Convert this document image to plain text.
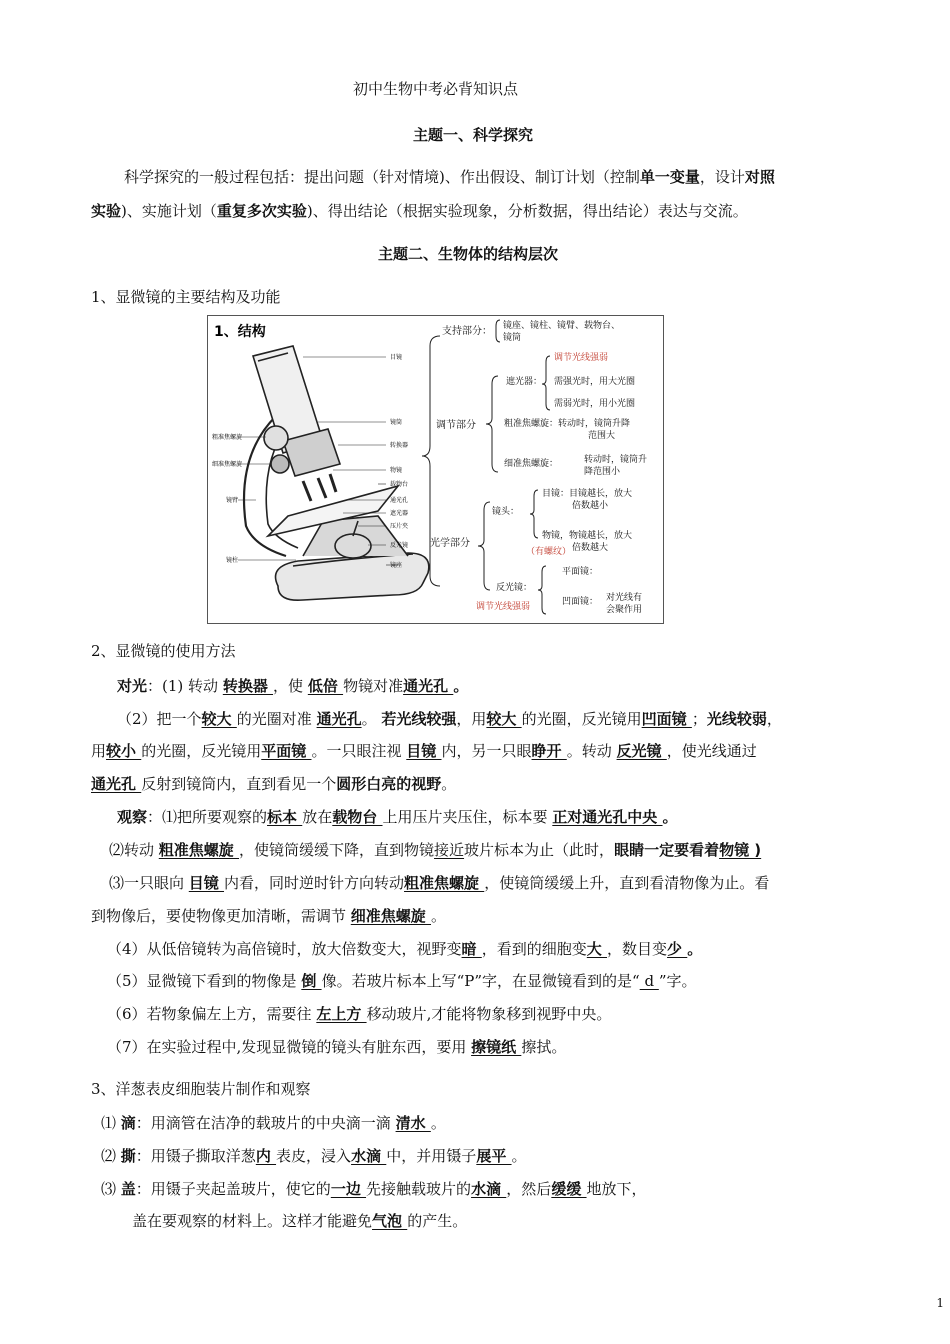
初中生物中考必背知识点
主题一、科学探究
科学探究的一般过程包括：提出问题（针对情境)、作出假设、制订计划（控制单一变量，设计对照
实验)、实施计划（重复多次实验)、得出结论（根据实验现象，分析数据，得出结论）表达与交流。
主题二、生物体的结构层次
1、显微镜的主要结构及功能
1、结构
粗准焦螺旋
细准焦螺旋
镜臂
镜柱
目镜
镜筒
转换器
物镜
载物台
通光孔
遮光器
压片夹
反光镜
镜座
支持部分： 镜座、镜柱、镜臂、载物台、
镜筒
调节部分
遮光器：
调节光线强弱
需强光时，用大光圈
需弱光时，用小光圈
粗准焦螺旋：转动时，镜筒升降
范围大
细准焦螺旋：	转动时，镜筒升
降范围小
光学部分
镜头：
目镜：目镜越长，放大
倍数越小
物镜，物镜越长，放大
倍数越大
（有螺纹）
反光镜：
调节光线强弱
平面镜：
凹面镜： 对光线有
会聚作用
2、显微镜的使用方法
对光：(1) 转动 转换器 ，使 低倍 物镜对准通光孔 。
（2）把一个较大 的光圈对准 通光孔。 若光线较强，用较大 的光圈，反光镜用凹面镜 ；光线较弱，
用较小 的光圈，反光镜用平面镜 。一只眼注视 目镜 内，另一只眼睁开 。转动 反光镜 ，使光线通过
通光孔 反射到镜筒内，直到看见一个圆形白亮的视野。
观察：⑴把所要观察的标本 放在载物台 上用压片夹压住，标本要 正对通光孔中央 。
⑵转动 粗准焦螺旋 ，使镜筒缓缓下降，直到物镜接近玻片标本为止（此时，眼睛一定要看着物镜 )
⑶一只眼向 目镜 内看，同时逆时针方向转动粗准焦螺旋 ，使镜筒缓缓上升，直到看清物像为止。看
到物像后，要使物像更加清晰，需调节 细准焦螺旋 。
（4）从低倍镜转为高倍镜时，放大倍数变大，视野变暗 ，看到的细胞变大 ，数目变少 。
（5）显微镜下看到的物像是 倒 像。若玻片标本上写“P”字，在显微镜看到的是“ d ”字。
（6）若物象偏左上方，需要往 左上方 移动玻片,才能将物象移到视野中央。
（7）在实验过程中,发现显微镜的镜头有脏东西，要用 擦镜纸 擦拭。
3、洋葱表皮细胞装片制作和观察
⑴ 滴：用滴管在洁净的载玻片的中央滴一滴 清水 。
⑵ 撕：用镊子撕取洋葱内 表皮，浸入水滴 中，并用镊子展平 。
⑶ 盖：用镊子夹起盖玻片，使它的一边 先接触载玻片的水滴 ，然后缓缓 地放下，
盖在要观察的材料上。这样才能避免气泡 的产生。
1
